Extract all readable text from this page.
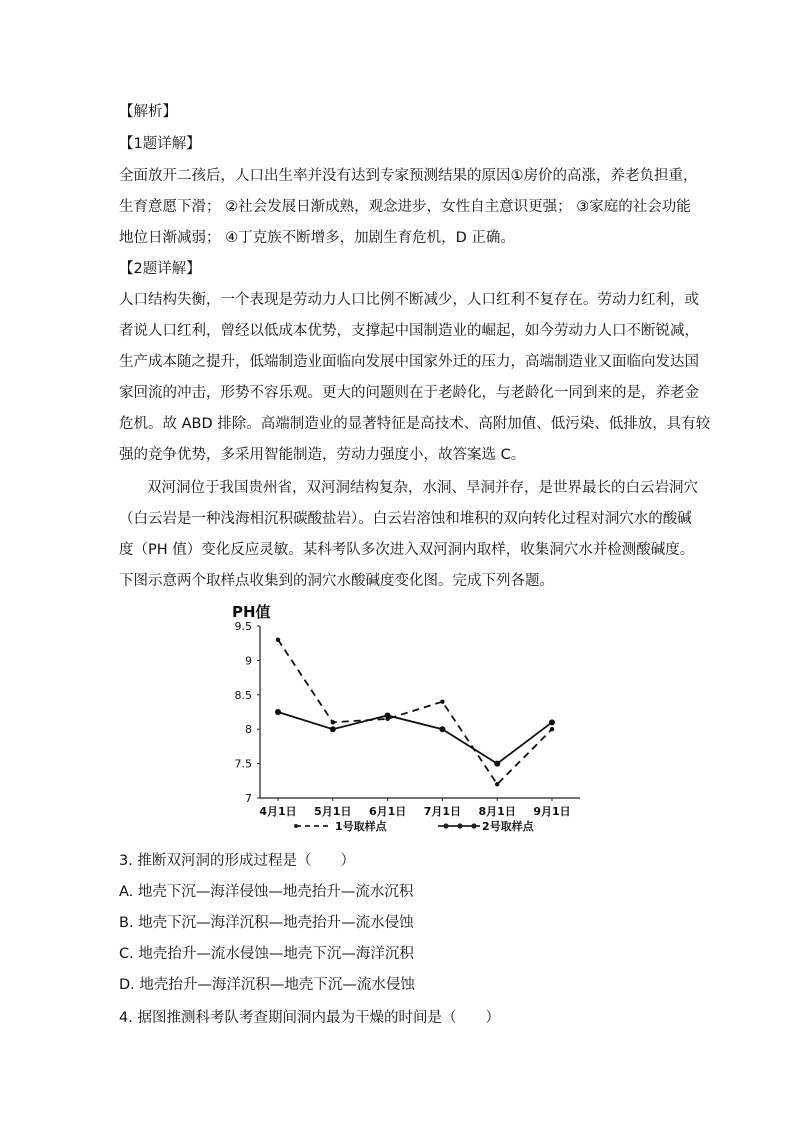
【解析】
【1题详解】
全面放开二孩后，人口出生率并没有达到专家预测结果的原因①房价的高涨，养老负担重，
生育意愿下滑； ②社会发展日渐成熟，观念进步，女性自主意识更强； ③家庭的社会功能
地位日渐减弱； ④丁克族不断增多，加剧生育危机，D 正确。
【2题详解】
人口结构失衡，一个表现是劳动力人口比例不断减少，人口红利不复存在。劳动力红利，或
者说人口红利，曾经以低成本优势，支撑起中国制造业的崛起，如今劳动力人口不断锐减，
生产成本随之提升，低端制造业面临向发展中国家外迁的压力，高端制造业又面临向发达国
家回流的冲击，形势不容乐观。更大的问题则在于老龄化，与老龄化一同到来的是，养老金
危机。故 ABD 排除。高端制造业的显著特征是高技术、高附加值、低污染、低排放，具有较
强的竞争优势，多采用智能制造，劳动力强度小，故答案选 C。
双河洞位于我国贵州省，双河洞结构复杂，水洞、旱洞并存，是世界最长的白云岩洞穴
（白云岩是一种浅海相沉积碳酸盐岩）。白云岩溶蚀和堆积的双向转化过程对洞穴水的酸碱
度（PH 值）变化反应灵敏。某科考队多次进入双河洞内取样，收集洞穴水并检测酸碱度。
下图示意两个取样点收集到的洞穴水酸碱度变化图。完成下列各题。
PH值
9.5
9
8.5
8
7.5
7
4月1日 5月1日 6月1日 7月1日 8月1日 9月1日
1号取样点	2号取样点
3. 推断双河洞的形成过程是（　　）
A. 地壳下沉—海洋侵蚀—地壳抬升—流水沉积
B. 地壳下沉—海洋沉积—地壳抬升—流水侵蚀
C. 地壳抬升—流水侵蚀—地壳下沉—海洋沉积
D. 地壳抬升—海洋沉积—地壳下沉—流水侵蚀
4. 据图推测科考队考查期间洞内最为干燥的时间是（　　）
